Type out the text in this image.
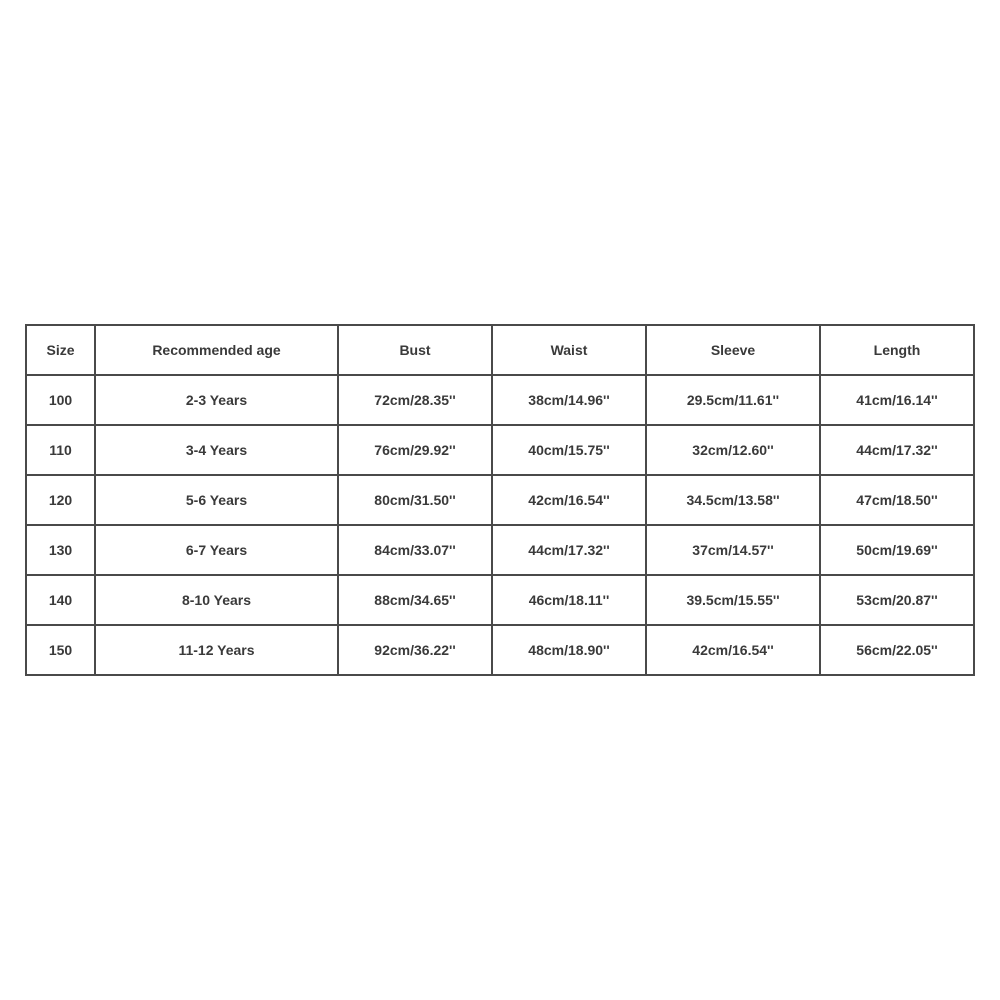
Size	Recommended age	Bust	Waist	Sleeve	Length
100	2-3 Years	72cm/28.35''	38cm/14.96''	29.5cm/11.61''	41cm/16.14''
110	3-4 Years	76cm/29.92''	40cm/15.75''	32cm/12.60''	44cm/17.32''
120	5-6 Years	80cm/31.50''	42cm/16.54''	34.5cm/13.58''	47cm/18.50''
130	6-7 Years	84cm/33.07''	44cm/17.32''	37cm/14.57''	50cm/19.69''
140	8-10 Years	88cm/34.65''	46cm/18.11''	39.5cm/15.55''	53cm/20.87''
150	11-12 Years	92cm/36.22''	48cm/18.90''	42cm/16.54''	56cm/22.05''
